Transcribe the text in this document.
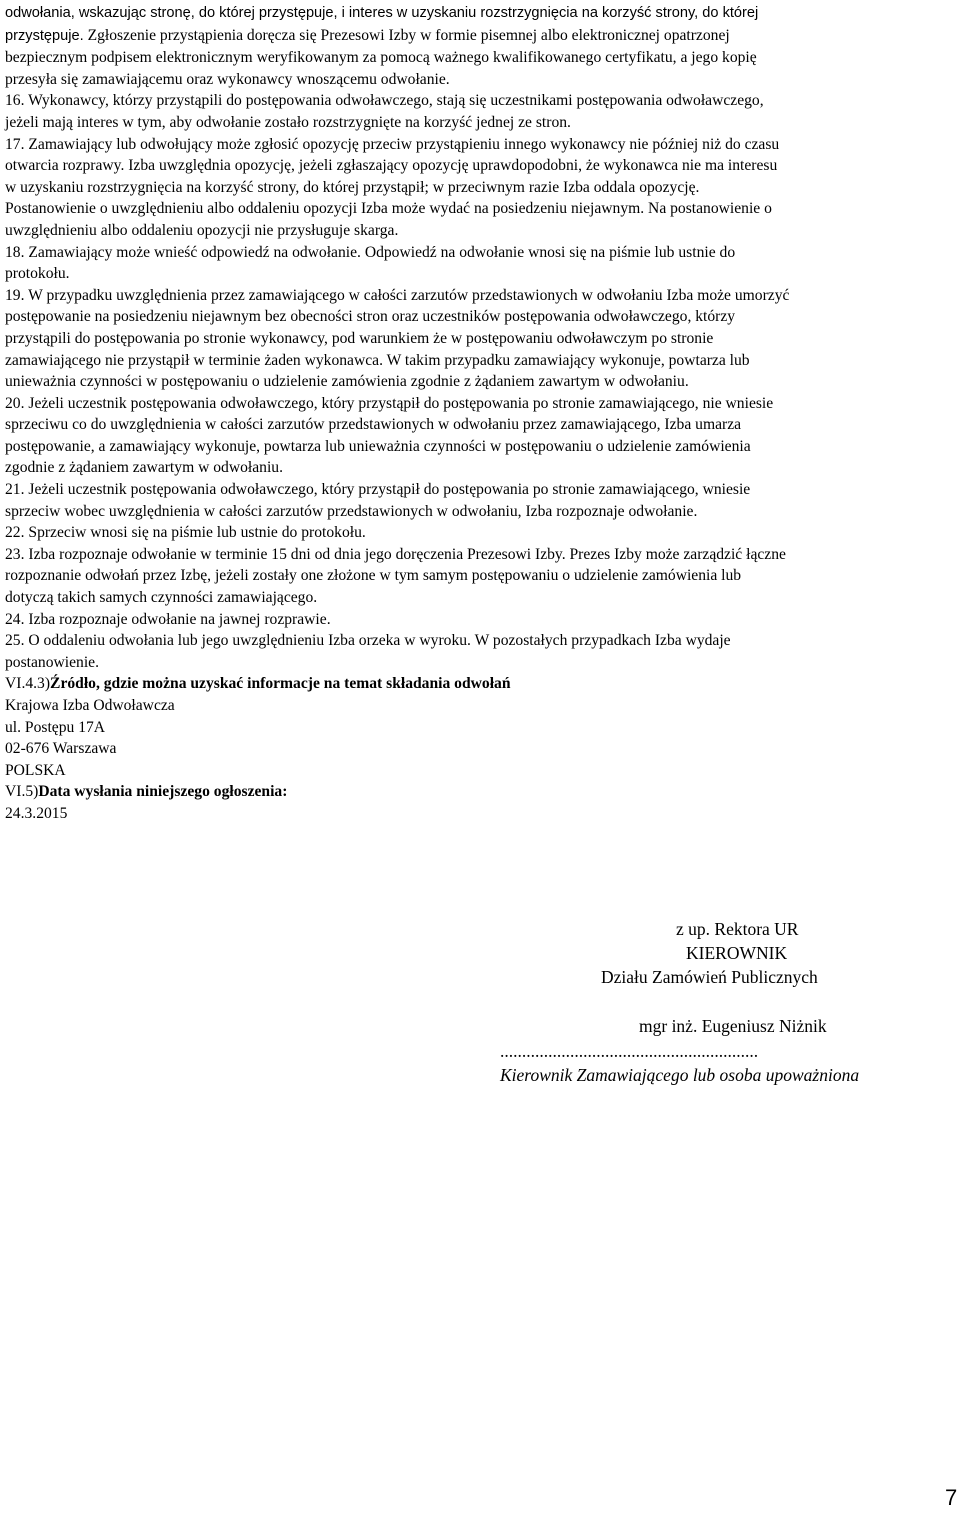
odwołania, wskazując stronę, do której przystępuje, i interes w uzyskaniu rozstrzygnięcia na korzyść strony, do której
przystępuje. Zgłoszenie przystąpienia doręcza się Prezesowi Izby w formie pisemnej albo elektronicznej opatrzonej
bezpiecznym podpisem elektronicznym weryfikowanym za pomocą ważnego kwalifikowanego certyfikatu, a jego kopię
przesyła się zamawiającemu oraz wykonawcy wnoszącemu odwołanie.

16. Wykonawcy, którzy przystąpili do postępowania odwoławczego, stają się uczestnikami postępowania odwoławczego,
jeżeli mają interes w tym, aby odwołanie zostało rozstrzygnięte na korzyść jednej ze stron.

17. Zamawiający lub odwołujący może zgłosić opozycję przeciw przystąpieniu innego wykonawcy nie później niż do czasu
otwarcia rozprawy. Izba uwzględnia opozycję, jeżeli zgłaszający opozycję uprawdopodobni, że wykonawca nie ma interesu
w uzyskaniu rozstrzygnięcia na korzyść strony, do której przystąpił; w przeciwnym razie Izba oddala opozycję.
Postanowienie o uwzględnieniu albo oddaleniu opozycji Izba może wydać na posiedzeniu niejawnym. Na postanowienie o
uwzględnieniu albo oddaleniu opozycji nie przysługuje skarga.

18. Zamawiający może wnieść odpowiedź na odwołanie. Odpowiedź na odwołanie wnosi się na piśmie lub ustnie do
protokołu.

19. W przypadku uwzględnienia przez zamawiającego w całości zarzutów przedstawionych w odwołaniu Izba może umorzyć
postępowanie na posiedzeniu niejawnym bez obecności stron oraz uczestników postępowania odwoławczego, którzy
przystąpili do postępowania po stronie wykonawcy, pod warunkiem że w postępowaniu odwoławczym po stronie
zamawiającego nie przystąpił w terminie żaden wykonawca. W takim przypadku zamawiający wykonuje, powtarza lub
unieważnia czynności w postępowaniu o udzielenie zamówienia zgodnie z żądaniem zawartym w odwołaniu.

20. Jeżeli uczestnik postępowania odwoławczego, który przystąpił do postępowania po stronie zamawiającego, nie wniesie
sprzeciwu co do uwzględnienia w całości zarzutów przedstawionych w odwołaniu przez zamawiającego, Izba umarza
postępowanie, a zamawiający wykonuje, powtarza lub unieważnia czynności w postępowaniu o udzielenie zamówienia
zgodnie z żądaniem zawartym w odwołaniu.

21. Jeżeli uczestnik postępowania odwoławczego, który przystąpił do postępowania po stronie zamawiającego, wniesie
sprzeciw wobec uwzględnienia w całości zarzutów przedstawionych w odwołaniu, Izba rozpoznaje odwołanie.

22. Sprzeciw wnosi się na piśmie lub ustnie do protokołu.

23. Izba rozpoznaje odwołanie w terminie 15 dni od dnia jego doręczenia Prezesowi Izby. Prezes Izby może zarządzić łączne
rozpoznanie odwołań przez Izbę, jeżeli zostały one złożone w tym samym postępowaniu o udzielenie zamówienia lub
dotyczą takich samych czynności zamawiającego.

24. Izba rozpoznaje odwołanie na jawnej rozprawie.

25. O oddaleniu odwołania lub jego uwzględnieniu Izba orzeka w wyroku. W pozostałych przypadkach Izba wydaje
postanowienie.

VI.4.3)Źródło, gdzie można uzyskać informacje na temat składania odwołań

Krajowa Izba Odwoławcza

ul. Postępu 17A

02-676 Warszawa

POLSKA

VI.5)Data wysłania niniejszego ogłoszenia:

24.3.2015

z up. Rektora UR
KIEROWNIK
Działu Zamówień Publicznych
mgr inż. Eugeniusz Niżnik
...........................................................
Kierownik Zamawiającego lub osoba upoważniona
7
